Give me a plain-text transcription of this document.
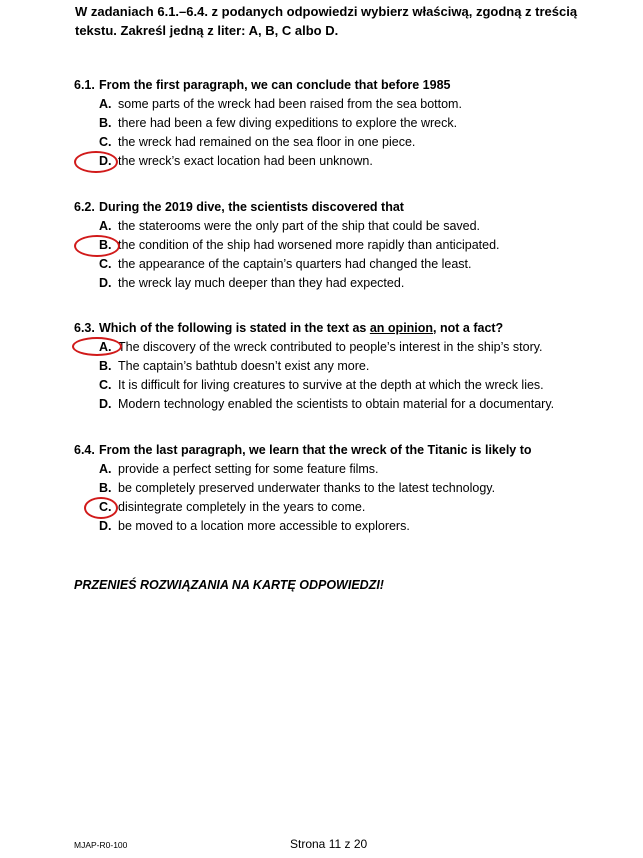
W zadaniach 6.1.–6.4. z podanych odpowiedzi wybierz właściwą, zgodną z treścią
tekstu. Zakreśl jedną z liter: A, B, C albo D.
6.1. From the first paragraph, we can conclude that before 1985
A. some parts of the wreck had been raised from the sea bottom.
B. there had been a few diving expeditions to explore the wreck.
C. the wreck had remained on the sea floor in one piece.
D. the wreck’s exact location had been unknown.
6.2. During the 2019 dive, the scientists discovered that
A. the staterooms were the only part of the ship that could be saved.
B. the condition of the ship had worsened more rapidly than anticipated.
C. the appearance of the captain’s quarters had changed the least.
D. the wreck lay much deeper than they had expected.
6.3. Which of the following is stated in the text as an opinion, not a fact?
A. The discovery of the wreck contributed to people’s interest in the ship’s story.
B. The captain’s bathtub doesn’t exist any more.
C. It is difficult for living creatures to survive at the depth at which the wreck lies.
D. Modern technology enabled the scientists to obtain material for a documentary.
6.4. From the last paragraph, we learn that the wreck of the Titanic is likely to
A. provide a perfect setting for some feature films.
B. be completely preserved underwater thanks to the latest technology.
C. disintegrate completely in the years to come.
D. be moved to a location more accessible to explorers.
PRZENIEŚ ROZWIĄZANIA NA KARTĘ ODPOWIEDZI!
MJAP-R0-100	Strona 11 z 20
